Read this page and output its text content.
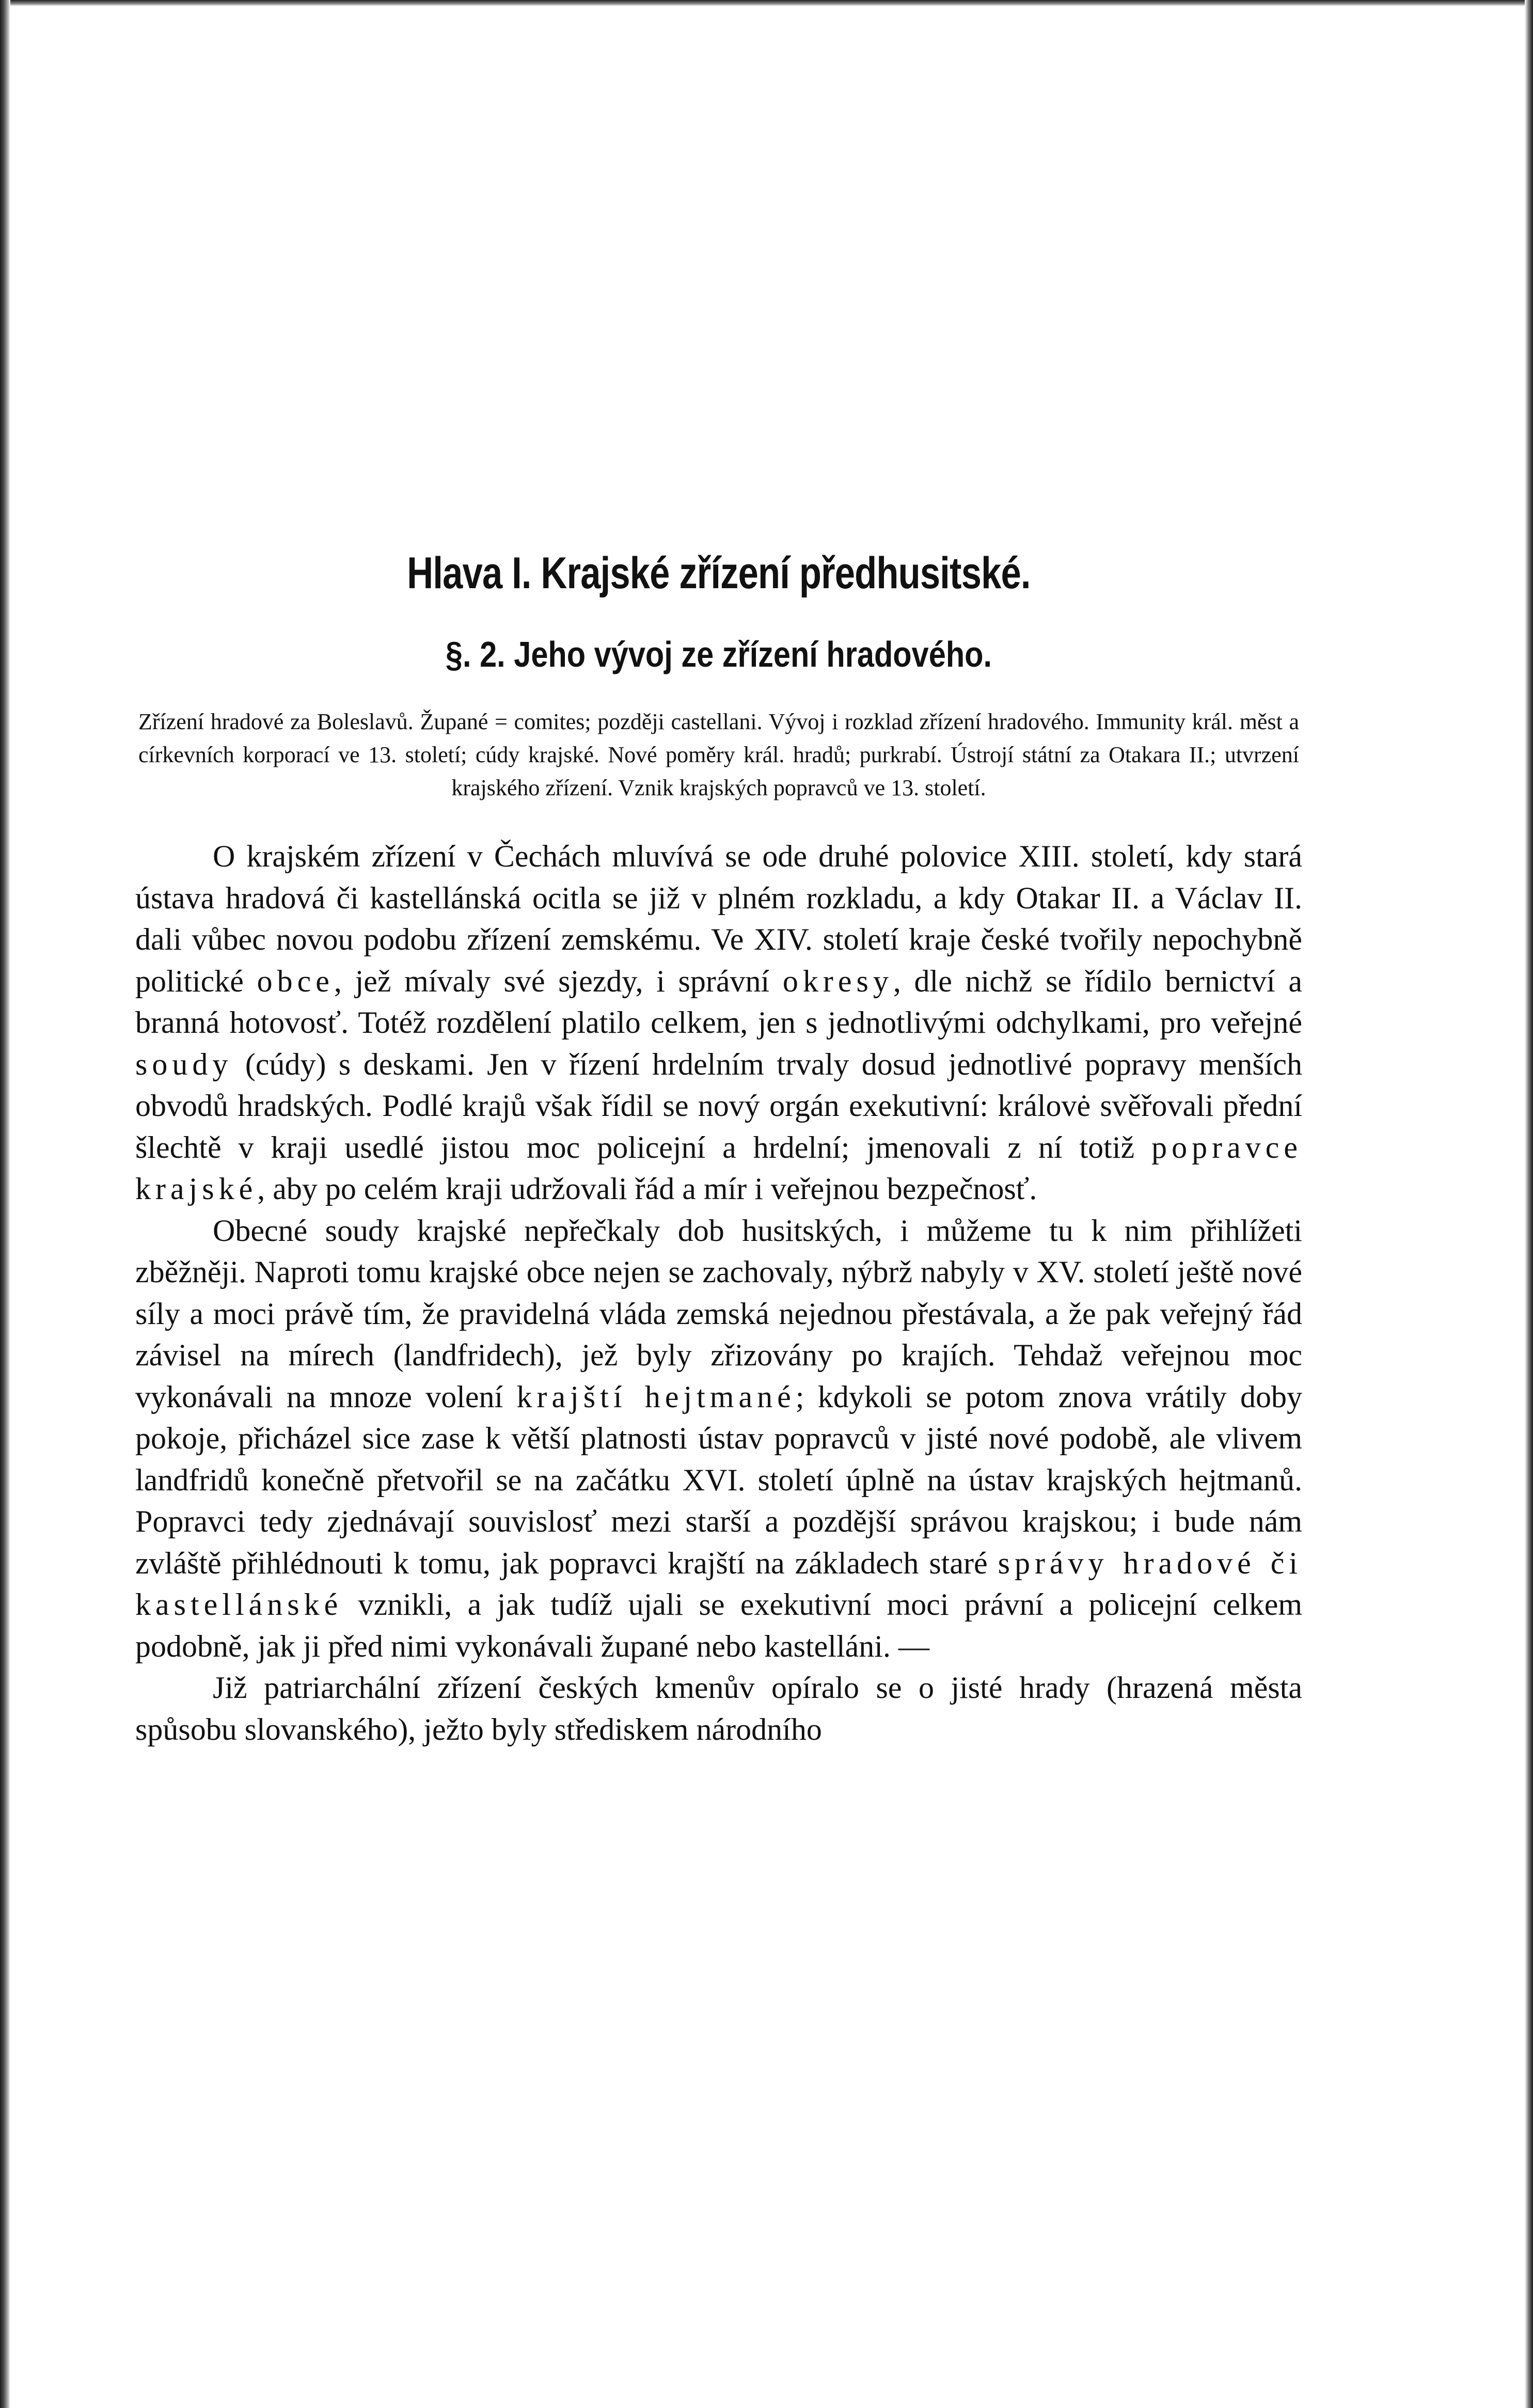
Hlava I. Krajské zřízení předhusitské.
§. 2. Jeho vývoj ze zřízení hradového.
Zřízení hradové za Boleslavů. Župané = comites; později castellani. Vývoj i rozklad zřízení hradového. Immunity král. měst a církevních korporací ve 13. století; cúdy krajské. Nové poměry král. hradů; purkrabí. Ústrojí státní za Otakara II.; utvrzení krajského zřízení. Vznik krajských popravců ve 13. století.

O krajském zřízení v Čechách mluvívá se ode druhé polovice XIII. století, kdy stará ústava hradová či kastellánská ocitla se již v plném rozkladu, a kdy Otakar II. a Václav II. dali vůbec novou podobu zřízení zemskému. Ve XIV. století kraje české tvořily nepochybně politické obce, jež mívaly své sjezdy, i správní okresy, dle nichž se řídilo bernictví a branná hotovosť. Totéž rozdělení platilo celkem, jen s jednotlivými odchylkami, pro veřejné soudy (cúdy) s deskami. Jen v řízení hrdelním trvaly dosud jednotlivé popravy menších obvodů hradských. Podlé krajů však řídil se nový orgán exekutivní: královė svěřovali přední šlechtě v kraji usedlé jistou moc policejní a hrdelní; jmenovali z ní totiž popravce krajské, aby po celém kraji udržovali řád a mír i veřejnou bezpečnosť.

Obecné soudy krajské nepřečkaly dob husitských, i můžeme tu k nim přihlížeti zběžněji. Naproti tomu krajské obce nejen se zachovaly, nýbrž nabyly v XV. století ještě nové síly a moci právě tím, že pravidelná vláda zemská nejednou přestávala, a že pak veřejný řád závisel na mírech (landfridech), jež byly zřizovány po krajích. Tehdaž veřejnou moc vykonávali na mnoze volení krajští hejtmané; kdykoli se potom znova vrátily doby pokoje, přicházel sice zase k větší platnosti ústav popravců v jisté nové podobě, ale vlivem landfridů konečně přetvořil se na začátku XVI. století úplně na ústav krajských hejtmanů. Popravci tedy zjednávají souvislosť mezi starší a pozdější správou krajskou; i bude nám zvláště přihlédnouti k tomu, jak popravci krajští na základech staré správy hradové či kastellánské vznikli, a jak tudíž ujali se exekutivní moci právní a policejní celkem podobně, jak ji před nimi vykonávali župané nebo kastelláni. —

Již patriarchální zřízení českých kmenův opíralo se o jisté hrady (hrazená města spůsobu slovanského), ježto byly střediskem národního
